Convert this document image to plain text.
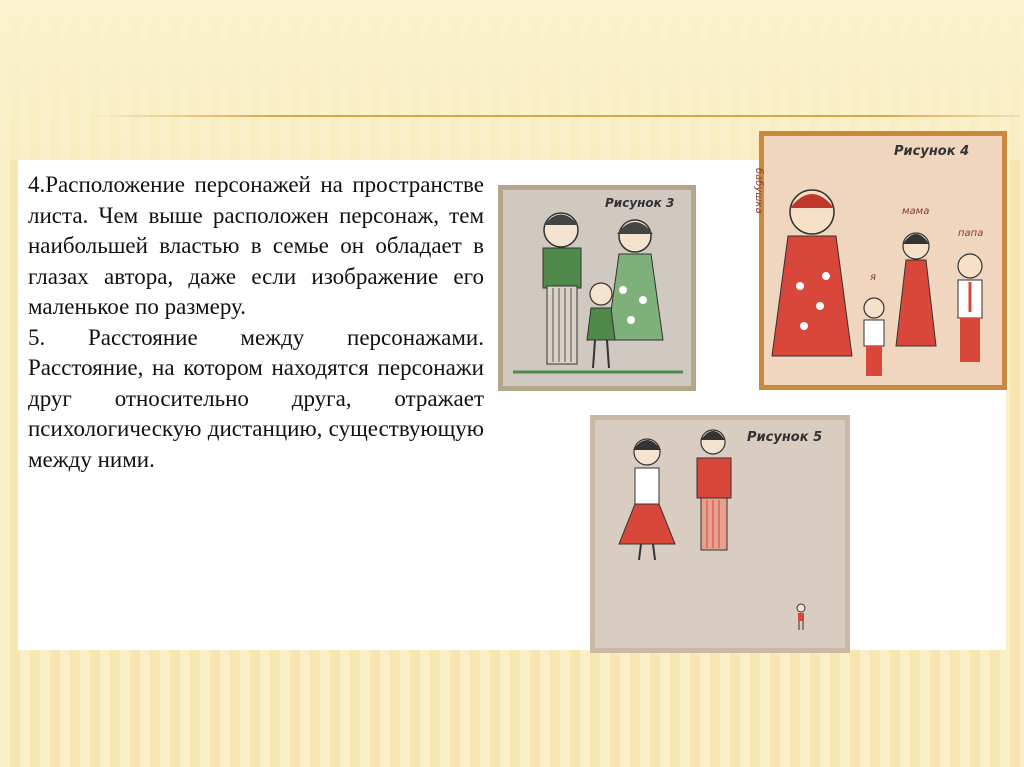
4.Расположение персонажей на пространстве листа. Чем выше расположен персонаж, тем наибольшей властью в семье он обладает в глазах автора, даже если изображение его маленькое по размеру.

5. Расстояние между персонажами. Расстояние, на котором находятся персонажи друг относительно друга, отражает психологическую дистанцию, существующую между ними.

Рисунок 3
Рисунок 4
бабушка	мама
папа
я
Рисунок 5
